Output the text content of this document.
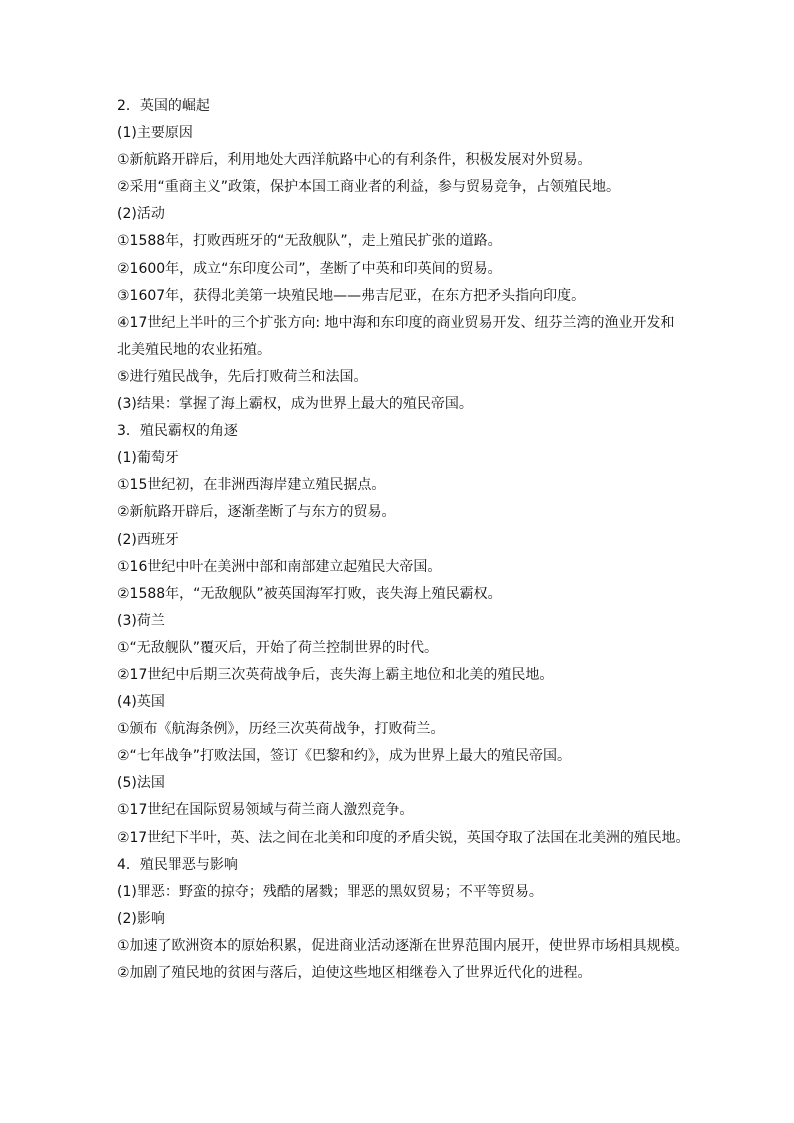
2．英国的崛起
(1)主要原因
①新航路开辟后，利用地处大西洋航路中心的有利条件，积极发展对外贸易。
②采用“重商主义”政策，保护本国工商业者的利益，参与贸易竞争，占领殖民地。
(2)活动
①1588年，打败西班牙的“无敌舰队”，走上殖民扩张的道路。
②1600年，成立“东印度公司”，垄断了中英和印英间的贸易。
③1607年，获得北美第一块殖民地——弗吉尼亚，在东方把矛头指向印度。
④17世纪上半叶的三个扩张方向: 地中海和东印度的商业贸易开发、纽芬兰湾的渔业开发和
北美殖民地的农业拓殖。
⑤进行殖民战争，先后打败荷兰和法国。
(3)结果：掌握了海上霸权，成为世界上最大的殖民帝国。
3．殖民霸权的角逐
(1)葡萄牙
①15世纪初，在非洲西海岸建立殖民据点。
②新航路开辟后，逐渐垄断了与东方的贸易。
(2)西班牙
①16世纪中叶在美洲中部和南部建立起殖民大帝国。
②1588年，“无敌舰队”被英国海军打败，丧失海上殖民霸权。
(3)荷兰
①“无敌舰队”覆灭后，开始了荷兰控制世界的时代。
②17世纪中后期三次英荷战争后，丧失海上霸主地位和北美的殖民地。
(4)英国
①颁布《航海条例》，历经三次英荷战争，打败荷兰。
②“七年战争”打败法国，签订《巴黎和约》，成为世界上最大的殖民帝国。
(5)法国
①17世纪在国际贸易领域与荷兰商人激烈竞争。
②17世纪下半叶，英、法之间在北美和印度的矛盾尖锐，英国夺取了法国在北美洲的殖民地。
4．殖民罪恶与影响
(1)罪恶：野蛮的掠夺；残酷的屠戮；罪恶的黑奴贸易；不平等贸易。
(2)影响
①加速了欧洲资本的原始积累，促进商业活动逐渐在世界范围内展开，使世界市场相具规模。
②加剧了殖民地的贫困与落后，迫使这些地区相继卷入了世界近代化的进程。
